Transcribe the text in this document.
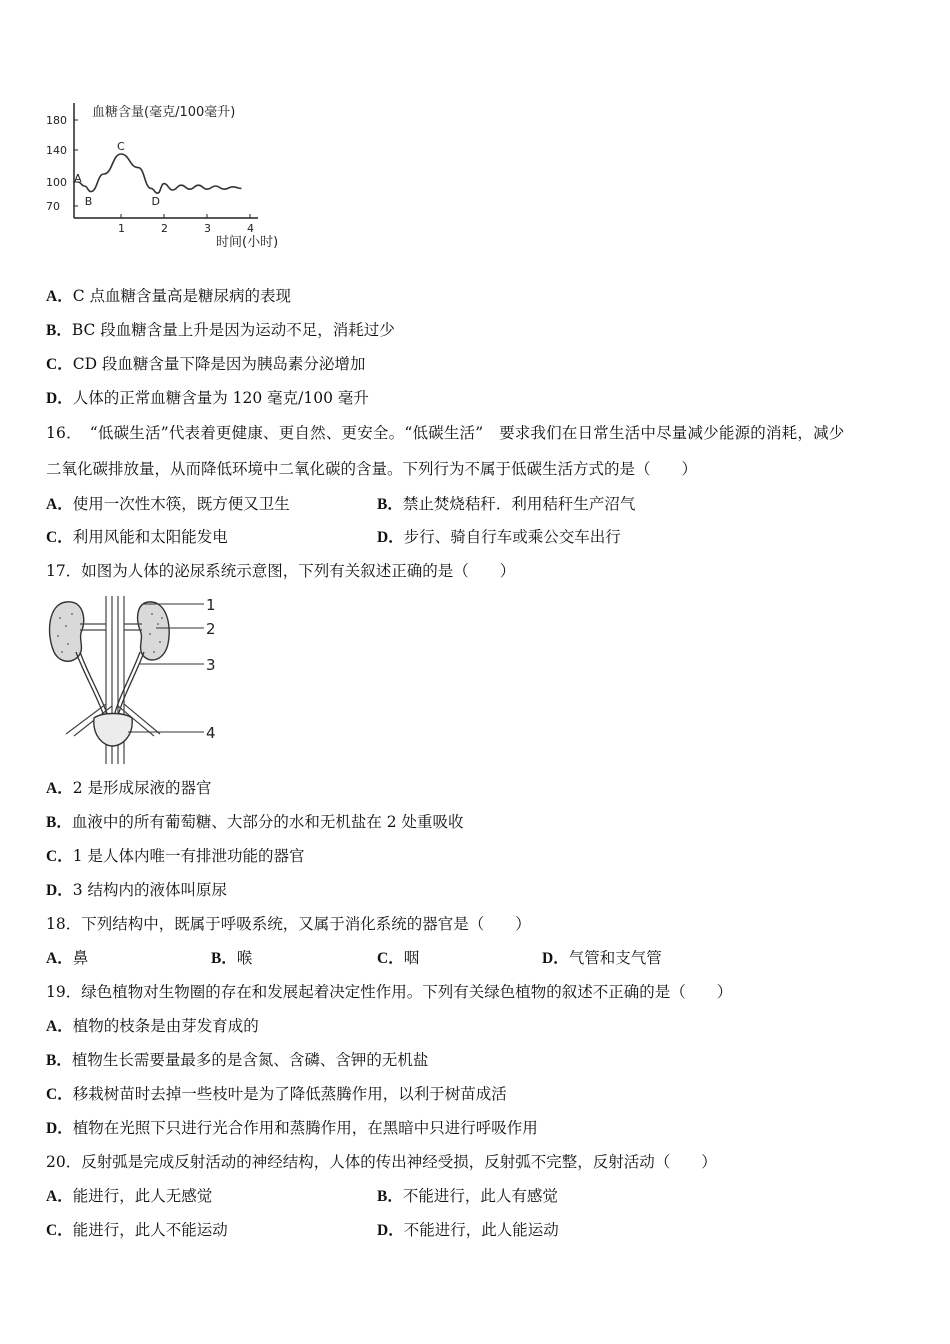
血糖含量(毫克/100毫升)
180
140
100
70
1	2	3	4
A
B
C
D
时间(小时)
A．C 点血糖含量高是糖尿病的表现
B．BC 段血糖含量上升是因为运动不足，消耗过少
C．CD 段血糖含量下降是因为胰岛素分泌增加
D．人体的正常血糖含量为 120 毫克/100 毫升
16．　“低碳生活”代表着更健康、更自然、更安全。“低碳生活”　要求我们在日常生活中尽量减少能源的消耗，减少
二氧化碳排放量，从而降低环境中二氧化碳的含量。下列行为不属于低碳生活方式的是（　　）
A．使用一次性木筷，既方便又卫生	B．禁止焚烧秸秆．利用秸秆生产沼气
C．利用风能和太阳能发电	D．步行、骑自行车或乘公交车出行
17．如图为人体的泌尿系统示意图，下列有关叙述正确的是（　　）
1
2
3
4
A．2 是形成尿液的器官
B．血液中的所有葡萄糖、大部分的水和无机盐在 2 处重吸收
C．1 是人体内唯一有排泄功能的器官
D．3 结构内的液体叫原尿
18．下列结构中，既属于呼吸系统，又属于消化系统的器官是（　　）
A．鼻	B．喉	C．咽	D．气管和支气管
19．绿色植物对生物圈的存在和发展起着决定性作用。下列有关绿色植物的叙述不正确的是（　　）
A．植物的枝条是由芽发育成的
B．植物生长需要量最多的是含氮、含磷、含钾的无机盐
C．移栽树苗时去掉一些枝叶是为了降低蒸腾作用，以利于树苗成活
D．植物在光照下只进行光合作用和蒸腾作用，在黑暗中只进行呼吸作用
20．反射弧是完成反射活动的神经结构，人体的传出神经受损，反射弧不完整，反射活动（　　）
A．能进行，此人无感觉	B．不能进行，此人有感觉
C．能进行，此人不能运动	D．不能进行，此人能运动
